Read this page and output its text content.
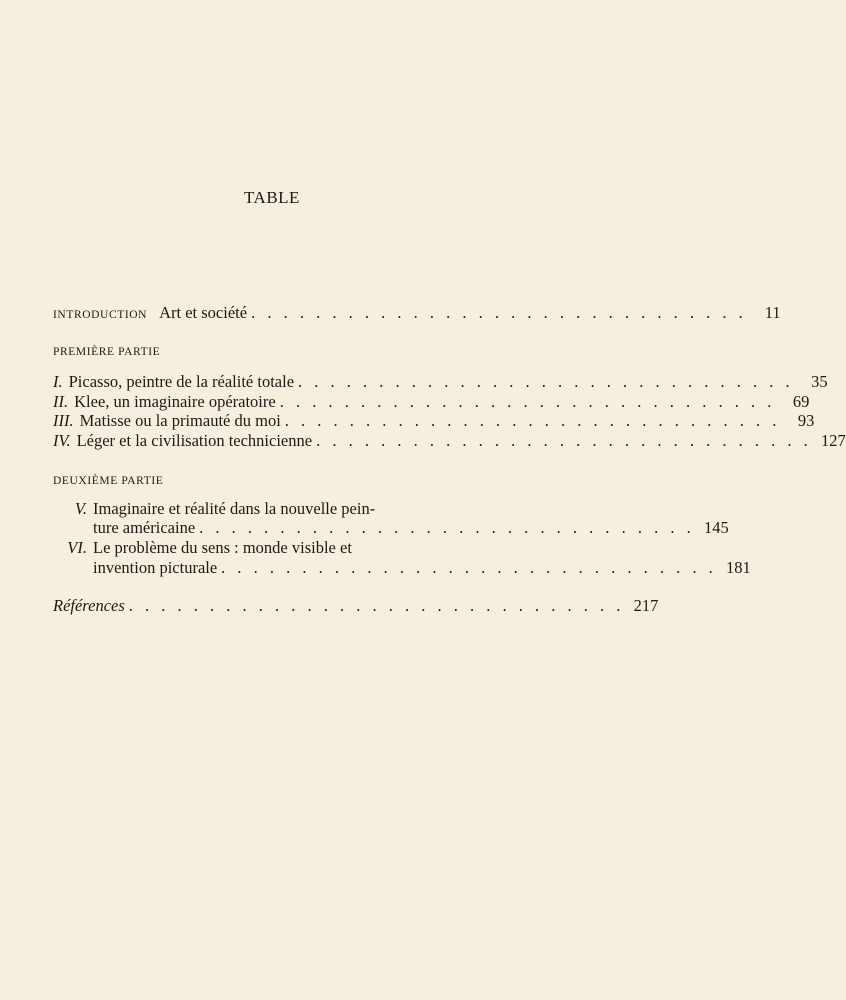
TABLE
INTRODUCTION Art et société . . . . . . . . . . . . . . . . . . . . . . . . . . . . . . .	11
PREMIÈRE PARTIE
I. Picasso, peintre de la réalité totale . . . . . . . . . . . . . . . . . . . . . . . . . . . . . . .	35
II. Klee, un imaginaire opératoire . . . . . . . . . . . . . . . . . . . . . . . . . . . . . . .	69
III. Matisse ou la primauté du moi . . . . . . . . . . . . . . . . . . . . . . . . . . . . . . .	93
IV. Léger et la civilisation technicienne . . . . . . . . . . . . . . . . . . . . . . . . . . . . . . . 127
DEUXIÈME PARTIE
V. Imaginaire et réalité dans la nouvelle pein-
ture américaine . . . . . . . . . . . . . . . . . . . . . . . . . . . . . . . 145
VI. Le problème du sens : monde visible et
invention picturale . . . . . . . . . . . . . . . . . . . . . . . . . . . . . . . 181
Références . . . . . . . . . . . . . . . . . . . . . . . . . . . . . . . 217
